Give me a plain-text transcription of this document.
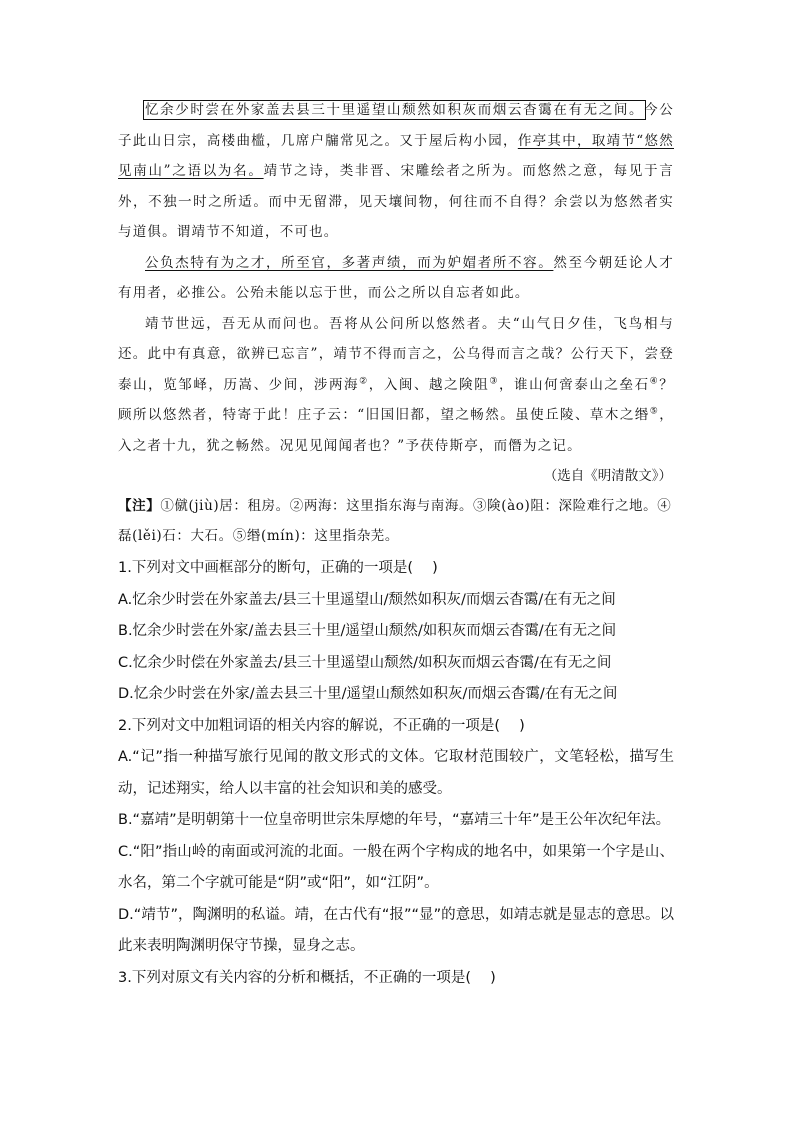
忆余少时尝在外家盖去县三十里遥望山颓然如积灰而烟云杳霭在有无之间。今公子此山日宗，高楼曲槛，几席户牖常见之。又于屋后构小园，作亭其中，取靖节“悠然见南山”之语以为名。靖节之诗，类非晋、宋雕绘者之所为。而悠然之意，每见于言外，不独一时之所适。而中无留滞，见天壤间物，何往而不自得？余尝以为悠然者实与道俱。谓靖节不知道，不可也。

公负杰特有为之才，所至官，多著声绩，而为妒媢者所不容。然至今朝廷论人才有用者，必推公。公殆未能以忘于世，而公之所以自忘者如此。

靖节世远，吾无从而问也。吾将从公问所以悠然者。夫“山气日夕佳，飞鸟相与还。此中有真意，欲辨已忘言”，靖节不得而言之，公乌得而言之哉？公行天下，尝登泰山，览邹峄，历嵩、少间，涉两海②，入闽、越之険阻③，谁山何啻泰山之垒石④？顾所以悠然者，特寄于此！庄子云：“旧国旧都，望之畅然。虽使丘陵、草木之缗⑤，入之者十九，犹之畅然。况见见闻闻者也？”予茯侍斯亭，而僭为之记。

（选自《明清散文》）

【注】①僦(jiù)居：租房。②两海：这里指东海与南海。③険(ào)阻：深险难行之地。④磊(lěi)石：大石。⑤缗(mín)：这里指杂芜。

1.下列对文中画框部分的断句，正确的一项是(　 )

A.忆余少时尝在外家盖去/县三十里遥望山/颓然如积灰/而烟云杳霭/在有无之间

B.忆余少时尝在外家/盖去县三十里/遥望山颓然/如积灰而烟云杳霭/在有无之间

C.忆余少时偿在外家盖去/县三十里遥望山颓然/如积灰而烟云杳霭/在有无之间

D.忆余少时尝在外家/盖去县三十里/遥望山颓然如积灰/而烟云杳霭/在有无之间

2.下列对文中加粗词语的相关内容的解说，不正确的一项是(　 )

A.“记”指一种描写旅行见闻的散文形式的文体。它取材范围较广，文笔轻松，描写生动，记述翔实，给人以丰富的社会知识和美的感受。

B.“嘉靖”是明朝第十一位皇帝明世宗朱厚熜的年号，“嘉靖三十年”是王公年次纪年法。

C.“阳”指山岭的南面或河流的北面。一般在两个字构成的地名中，如果第一个字是山、水名，第二个字就可能是“阴”或“阳”，如“江阴”。

D.“靖节”，陶渊明的私谥。靖，在古代有“报”“显”的意思，如靖志就是显志的意思。以此来表明陶渊明保守节操，显身之志。

3.下列对原文有关内容的分析和概括，不正确的一项是(　 )
